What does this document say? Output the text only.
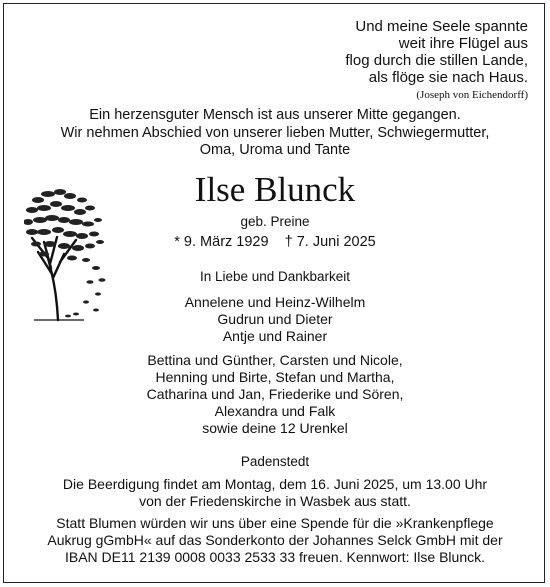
Und meine Seele spannte
weit ihre Flügel aus
flog durch die stillen Lande,
als flöge sie nach Haus.
(Joseph von Eichendorff)
Ein herzensguter Mensch ist aus unserer Mitte gegangen.
Wir nehmen Abschied von unserer lieben Mutter, Schwiegermutter,
Oma, Uroma und Tante
Ilse Blunck
geb. Preine
* 9. März 1929 † 7. Juni 2025
In Liebe und Dankbarkeit
Annelene und Heinz-Wilhelm
Gudrun und Dieter
Antje und Rainer
Bettina und Günther, Carsten und Nicole,
Henning und Birte, Stefan und Martha,
Catharina und Jan, Friederike und Sören,
Alexandra und Falk
sowie deine 12 Urenkel
Padenstedt
Die Beerdigung findet am Montag, dem 16. Juni 2025, um 13.00 Uhr
von der Friedenskirche in Wasbek aus statt.
Statt Blumen würden wir uns über eine Spende für die »Krankenpflege
Aukrug gGmbH« auf das Sonderkonto der Johannes Selck GmbH mit der
IBAN DE11 2139 0008 0033 2533 33 freuen. Kennwort: Ilse Blunck.
